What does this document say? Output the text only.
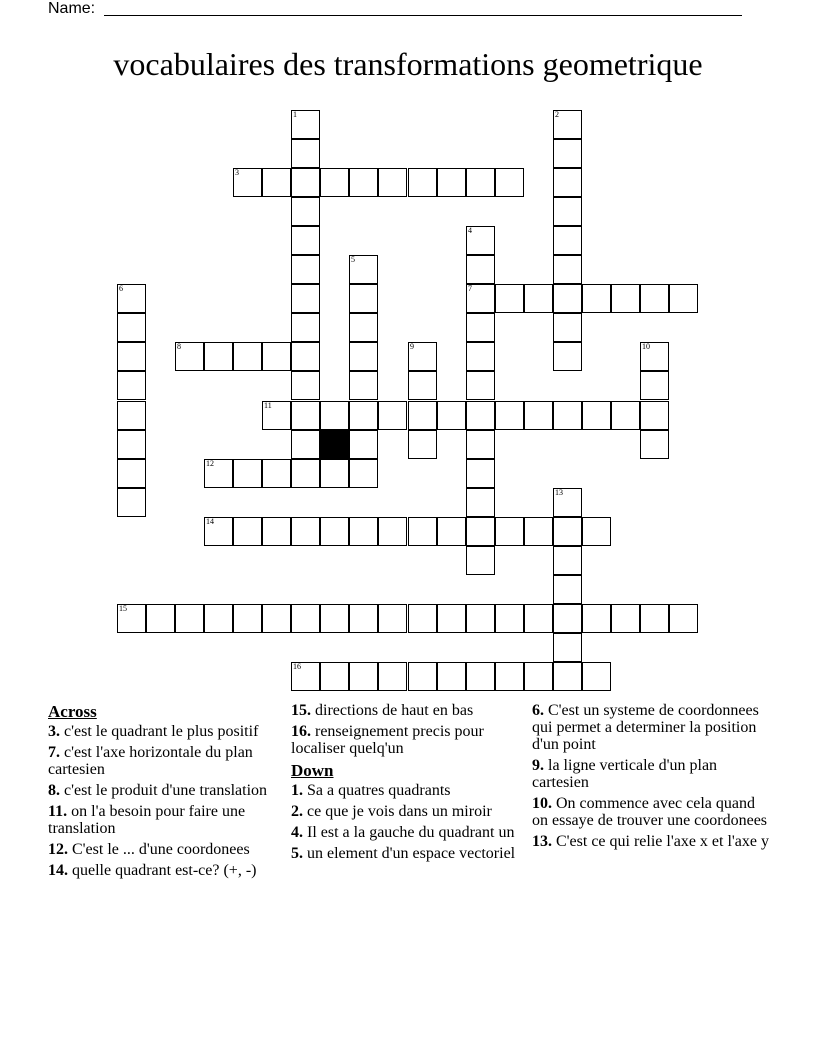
Name:
vocabulaires des transformations geometrique
1	2
3
4
7
5
6
8	9	10
11
12
13
14
15
16
Across
3. c'est le quadrant le plus positif
7. c'est l'axe horizontale du plan cartesien
8. c'est le produit d'une translation
11. on l'a besoin pour faire une translation
12. C'est le ... d'une coordonees
14. quelle quadrant est-ce? (+, -)
15. directions de haut en bas
16. renseignement precis pour localiser quelq'un
Down
1. Sa a quatres quadrants
2. ce que je vois dans un miroir
4. Il est a la gauche du quadrant un
5. un element d'un espace vectoriel
6. C'est un systeme de coordonnees qui permet a determiner la position d'un point
9. la ligne verticale d'un plan cartesien
10. On commence avec cela quand on essaye de trouver une coordonees
13. C'est ce qui relie l'axe x et l'axe y
